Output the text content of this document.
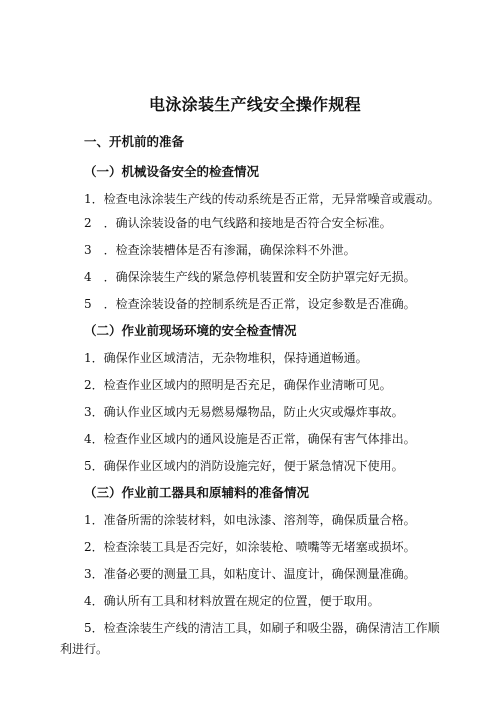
电泳涂装生产线安全操作规程
一、开机前的准备
（一）机械设备安全的检查情况
1．检查电泳涂装生产线的传动系统是否正常，无异常噪音或震动。
2　．确认涂装设备的电气线路和接地是否符合安全标准。
3　．检查涂装槽体是否有渗漏，确保涂料不外泄。
4　．确保涂装生产线的紧急停机装置和安全防护罩完好无损。
5　．检查涂装设备的控制系统是否正常，设定参数是否准确。
（二）作业前现场环境的安全检查情况
1．确保作业区域清洁，无杂物堆积，保持通道畅通。
2．检查作业区域内的照明是否充足，确保作业清晰可见。
3．确认作业区域内无易燃易爆物品，防止火灾或爆炸事故。
4．检查作业区域内的通风设施是否正常，确保有害气体排出。
5．确保作业区域内的消防设施完好，便于紧急情况下使用。
（三）作业前工器具和原辅料的准备情况
1．准备所需的涂装材料，如电泳漆、溶剂等，确保质量合格。
2．检查涂装工具是否完好，如涂装枪、喷嘴等无堵塞或损坏。
3．准备必要的测量工具，如粘度计、温度计，确保测量准确。
4．确认所有工具和材料放置在规定的位置，便于取用。
5．检查涂装生产线的清洁工具，如刷子和吸尘器，确保清洁工作顺利进行。
